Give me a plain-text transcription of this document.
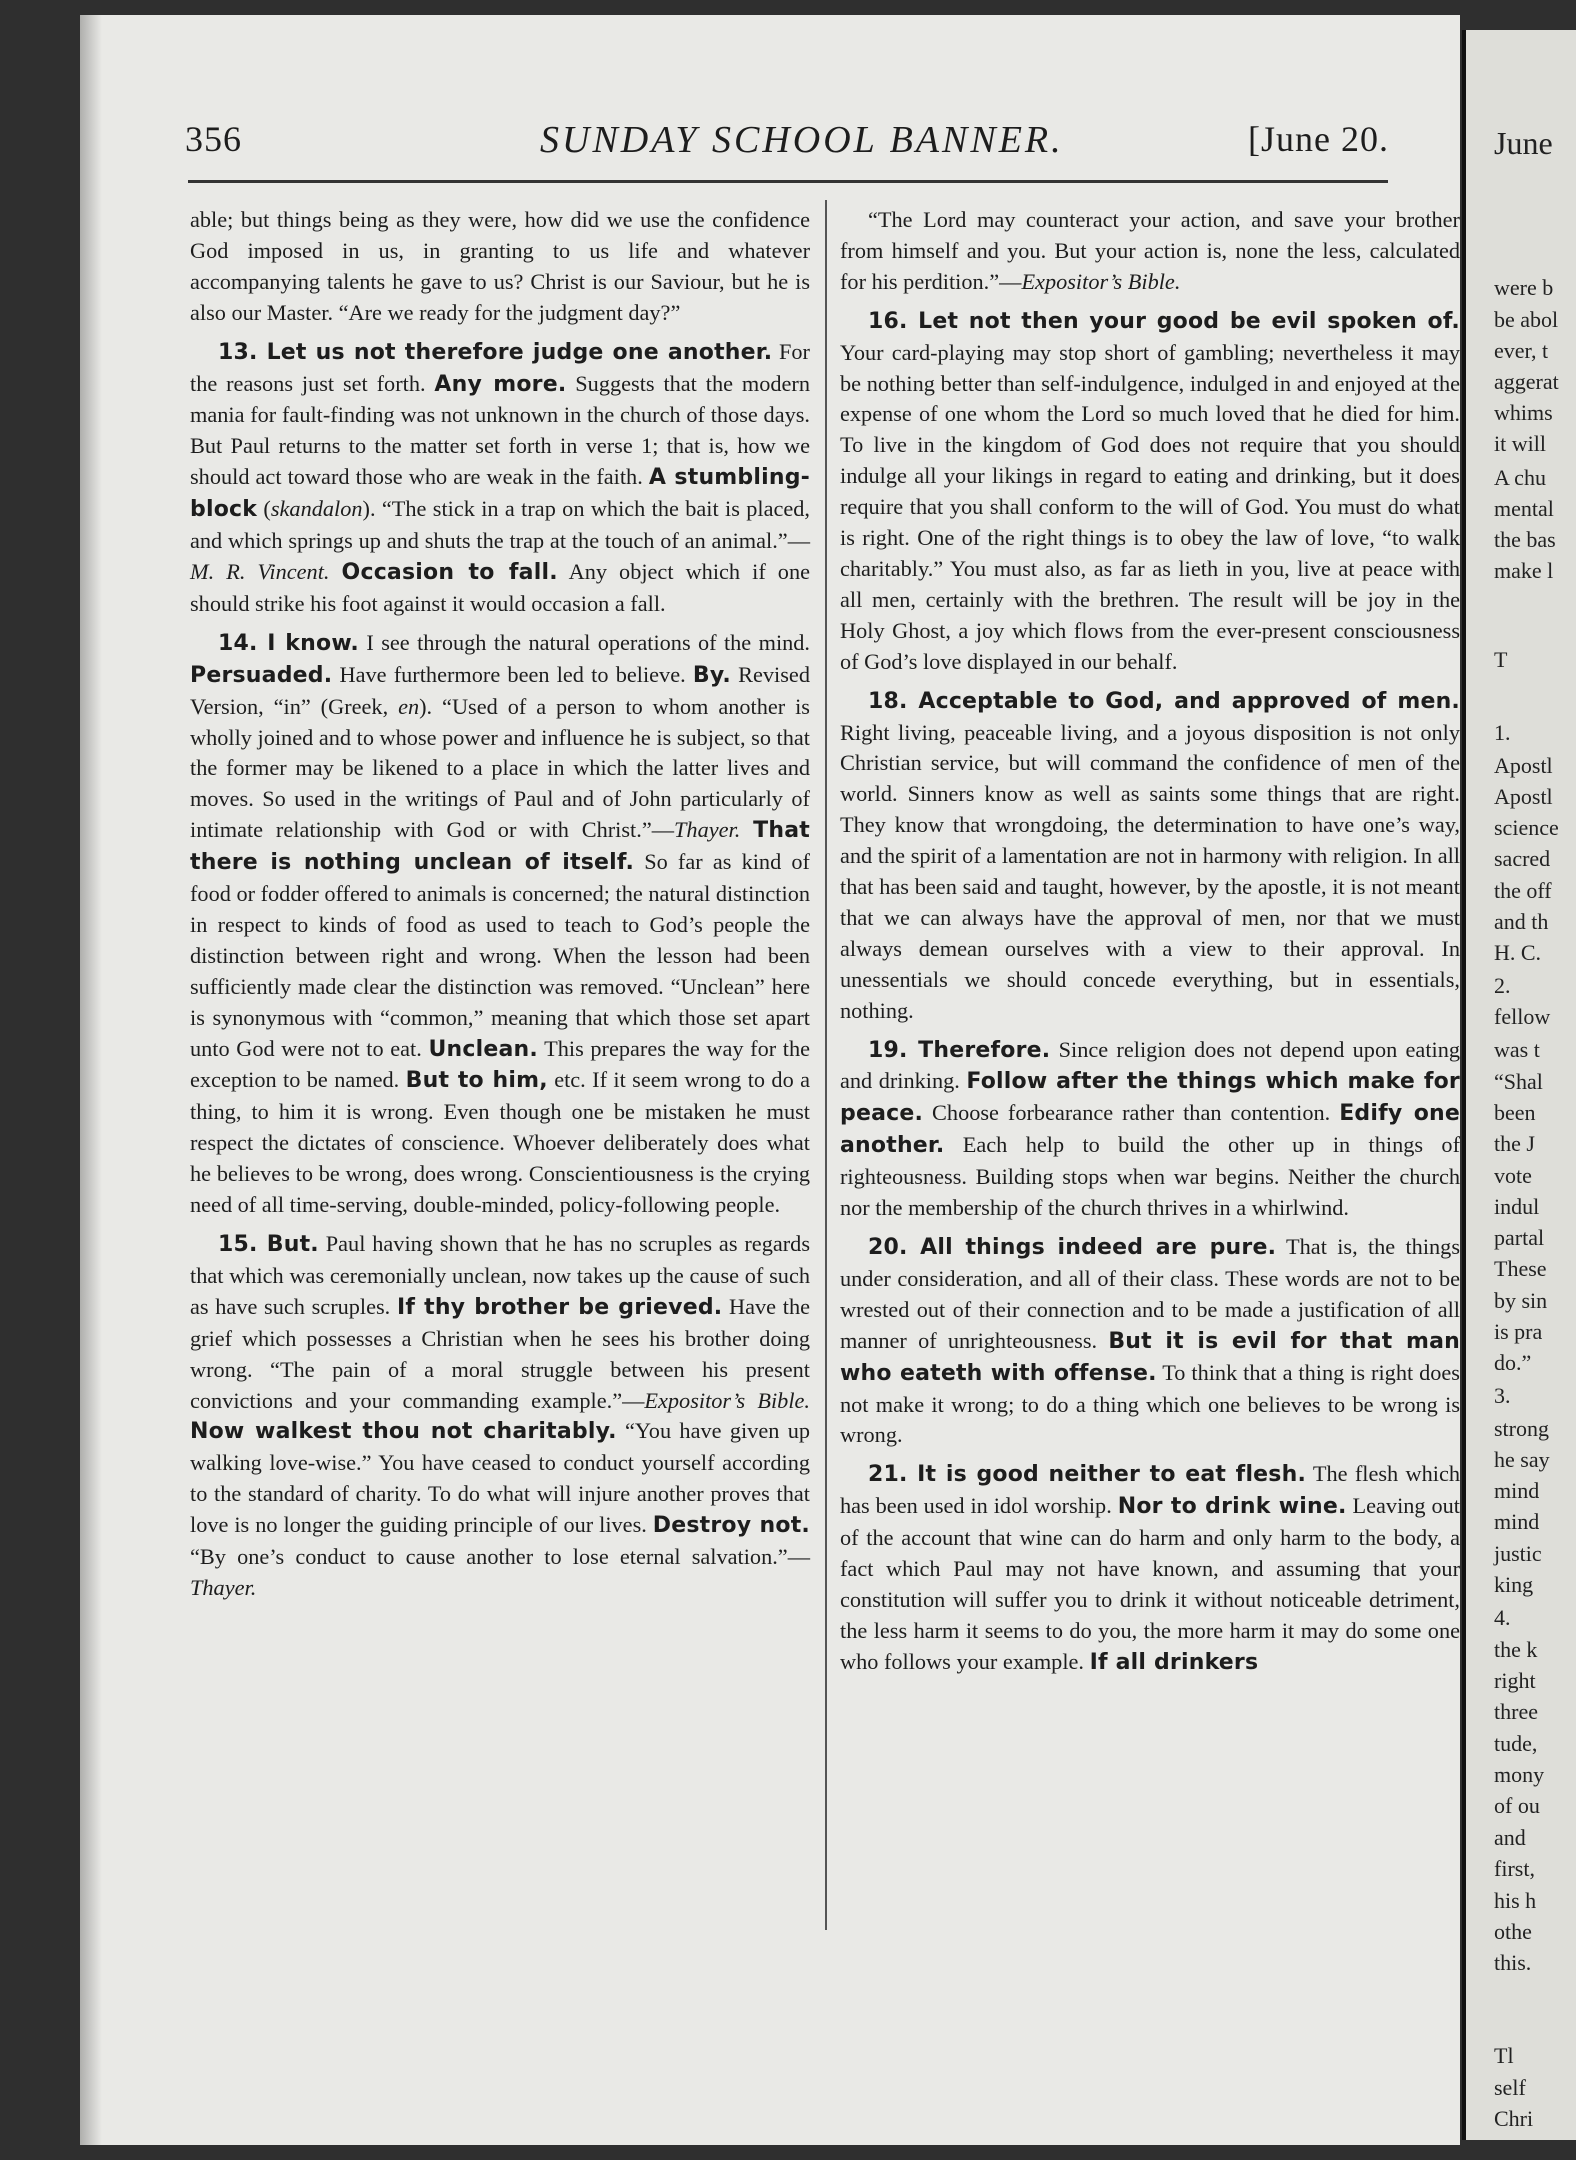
356	SUNDAY SCHOOL BANNER.	[June 20.

able; but things being as they were, how did we use the confidence God imposed in us, in granting to us life and whatever accompanying talents he gave to us? Christ is our Saviour, but he is also our Master. “Are we ready for the judgment day?”

13. Let us not therefore judge one another. For the reasons just set forth. Any more. Suggests that the modern mania for fault-finding was not unknown in the church of those days. But Paul returns to the matter set forth in verse 1; that is, how we should act toward those who are weak in the faith. A stumbling-block (skandalon). “The stick in a trap on which the bait is placed, and which springs up and shuts the trap at the touch of an animal.”—M. R. Vincent. Occasion to fall. Any object which if one should strike his foot against it would occasion a fall.

14. I know. I see through the natural operations of the mind. Persuaded. Have furthermore been led to believe. By. Revised Version, “in” (Greek, en). “Used of a person to whom another is wholly joined and to whose power and influence he is subject, so that the former may be likened to a place in which the latter lives and moves. So used in the writings of Paul and of John particularly of intimate relationship with God or with Christ.”—Thayer. That there is nothing unclean of itself. So far as kind of food or fodder offered to animals is concerned; the natural distinction in respect to kinds of food as used to teach to God’s people the distinction between right and wrong. When the lesson had been sufficiently made clear the distinction was removed. “Unclean” here is synonymous with “common,” meaning that which those set apart unto God were not to eat. Unclean. This prepares the way for the exception to be named. But to him, etc. If it seem wrong to do a thing, to him it is wrong. Even though one be mistaken he must respect the dictates of conscience. Whoever deliberately does what he believes to be wrong, does wrong. Conscientiousness is the crying need of all time-serving, double-minded, policy-following people.

15. But. Paul having shown that he has no scruples as regards that which was ceremonially unclean, now takes up the cause of such as have such scruples. If thy brother be grieved. Have the grief which possesses a Christian when he sees his brother doing wrong. “The pain of a moral struggle between his present convictions and your commanding example.”—Expositor’s Bible. Now walkest thou not charitably. “You have given up walking love-wise.” You have ceased to conduct yourself according to the standard of charity. To do what will injure another proves that love is no longer the guiding principle of our lives. Destroy not. “By one’s conduct to cause another to lose eternal salvation.”—Thayer.

“The Lord may counteract your action, and save your brother from himself and you. But your action is, none the less, calculated for his perdition.”—Expositor’s Bible.

16. Let not then your good be evil spoken of. Your card-playing may stop short of gambling; nevertheless it may be nothing better than self-indulgence, indulged in and enjoyed at the expense of one whom the Lord so much loved that he died for him. To live in the kingdom of God does not require that you should indulge all your likings in regard to eating and drinking, but it does require that you shall conform to the will of God. You must do what is right. One of the right things is to obey the law of love, “to walk charitably.” You must also, as far as lieth in you, live at peace with all men, certainly with the brethren. The result will be joy in the Holy Ghost, a joy which flows from the ever-present consciousness of God’s love displayed in our behalf.

18. Acceptable to God, and approved of men. Right living, peaceable living, and a joyous disposition is not only Christian service, but will command the confidence of men of the world. Sinners know as well as saints some things that are right. They know that wrongdoing, the determination to have one’s way, and the spirit of a lamentation are not in harmony with religion. In all that has been said and taught, however, by the apostle, it is not meant that we can always have the approval of men, nor that we must always demean ourselves with a view to their approval. In unessentials we should concede everything, but in essentials, nothing.

19. Therefore. Since religion does not depend upon eating and drinking. Follow after the things which make for peace. Choose forbearance rather than contention. Edify one another. Each help to build the other up in things of righteousness. Building stops when war begins. Neither the church nor the membership of the church thrives in a whirlwind.

20. All things indeed are pure. That is, the things under consideration, and all of their class. These words are not to be wrested out of their connection and to be made a justification of all manner of unrighteousness. But it is evil for that man who eateth with offense. To think that a thing is right does not make it wrong; to do a thing which one believes to be wrong is wrong.

21. It is good neither to eat flesh. The flesh which has been used in idol worship. Nor to drink wine. Leaving out of the account that wine can do harm and only harm to the body, a fact which Paul may not have known, and assuming that your constitution will suffer you to drink it without noticeable detriment, the less harm it seems to do you, the more harm it may do some one who follows your example. If all drinkers

June
were b
be abol
ever, t
aggerat
whims
it will
A chu
mental
the bas
make l
T
1.
Apostl
Apostl
science
sacred
the off
and th
H. C.
2.
fellow
was t
“Shal
been
the J
vote
indul
partal
These
by sin
is pra
do.”
3.
strong
he say
mind
mind
justic
king
4.
the k
right
three
tude,
mony
of ou
and
first,
his h
othe
this.
Tl
self
Chri
